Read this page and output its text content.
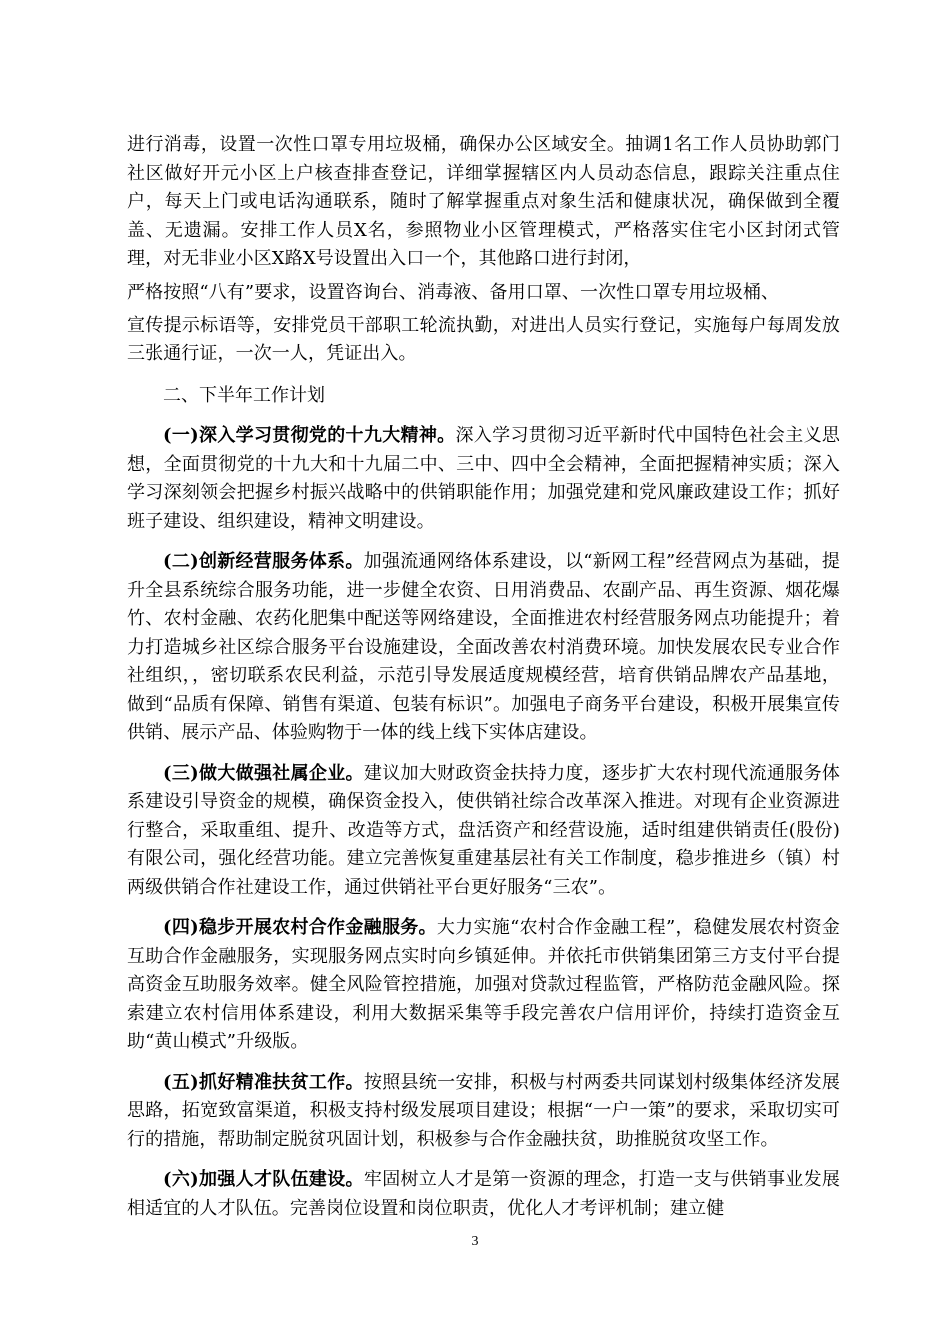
进行消毒，设置一次性口罩专用垃圾桶，确保办公区域安全。抽调1名工作人员协助郭门社区做好开元小区上户核查排查登记，详细掌握辖区内人员动态信息，跟踪关注重点住户，每天上门或电话沟通联系，随时了解掌握重点对象生活和健康状况，确保做到全覆盖、无遗漏。安排工作人员X名，参照物业小区管理模式，严格落实住宅小区封闭式管理，对无非业小区X路X号设置出入口一个，其他路口进行封闭，

严格按照“八有”要求，设置咨询台、消毒液、备用口罩、一次性口罩专用垃圾桶、

宣传提示标语等，安排党员干部职工轮流执勤，对进出人员实行登记，实施每户每周发放三张通行证，一次一人，凭证出入。

二、下半年工作计划

(一)深入学习贯彻党的十九大精神。深入学习贯彻习近平新时代中国特色社会主义思想，全面贯彻党的十九大和十九届二中、三中、四中全会精神，全面把握精神实质；深入学习深刻领会把握乡村振兴战略中的供销职能作用；加强党建和党风廉政建设工作；抓好班子建设、组织建设，精神文明建设。

(二)创新经营服务体系。加强流通网络体系建设，以“新网工程”经营网点为基础，提升全县系统综合服务功能，进一步健全农资、日用消费品、农副产品、再生资源、烟花爆竹、农村金融、农药化肥集中配送等网络建设，全面推进农村经营服务网点功能提升；着力打造城乡社区综合服务平台设施建设，全面改善农村消费环境。加快发展农民专业合作社组织，，密切联系农民利益，示范引导发展适度规模经营，培育供销品牌农产品基地，做到“品质有保障、销售有渠道、包装有标识”。加强电子商务平台建设，积极开展集宣传供销、展示产品、体验购物于一体的线上线下实体店建设。

(三)做大做强社属企业。建议加大财政资金扶持力度，逐步扩大农村现代流通服务体系建设引导资金的规模，确保资金投入，使供销社综合改革深入推进。对现有企业资源进行整合，采取重组、提升、改造等方式，盘活资产和经营设施，适时组建供销责任(股份)有限公司，强化经营功能。建立完善恢复重建基层社有关工作制度，稳步推进乡（镇）村两级供销合作社建设工作，通过供销社平台更好服务“三农”。

(四)稳步开展农村合作金融服务。大力实施“农村合作金融工程”，稳健发展农村资金互助合作金融服务，实现服务网点实时向乡镇延伸。并依托市供销集团第三方支付平台提高资金互助服务效率。健全风险管控措施，加强对贷款过程监管，严格防范金融风险。探索建立农村信用体系建设，利用大数据采集等手段完善农户信用评价，持续打造资金互助“黄山模式”升级版。

(五)抓好精准扶贫工作。按照县统一安排，积极与村两委共同谋划村级集体经济发展思路，拓宽致富渠道，积极支持村级发展项目建设；根据“一户一策”的要求，采取切实可行的措施，帮助制定脱贫巩固计划，积极参与合作金融扶贫，助推脱贫攻坚工作。

(六)加强人才队伍建设。牢固树立人才是第一资源的理念，打造一支与供销事业发展相适宜的人才队伍。完善岗位设置和岗位职责，优化人才考评机制；建立健

3
